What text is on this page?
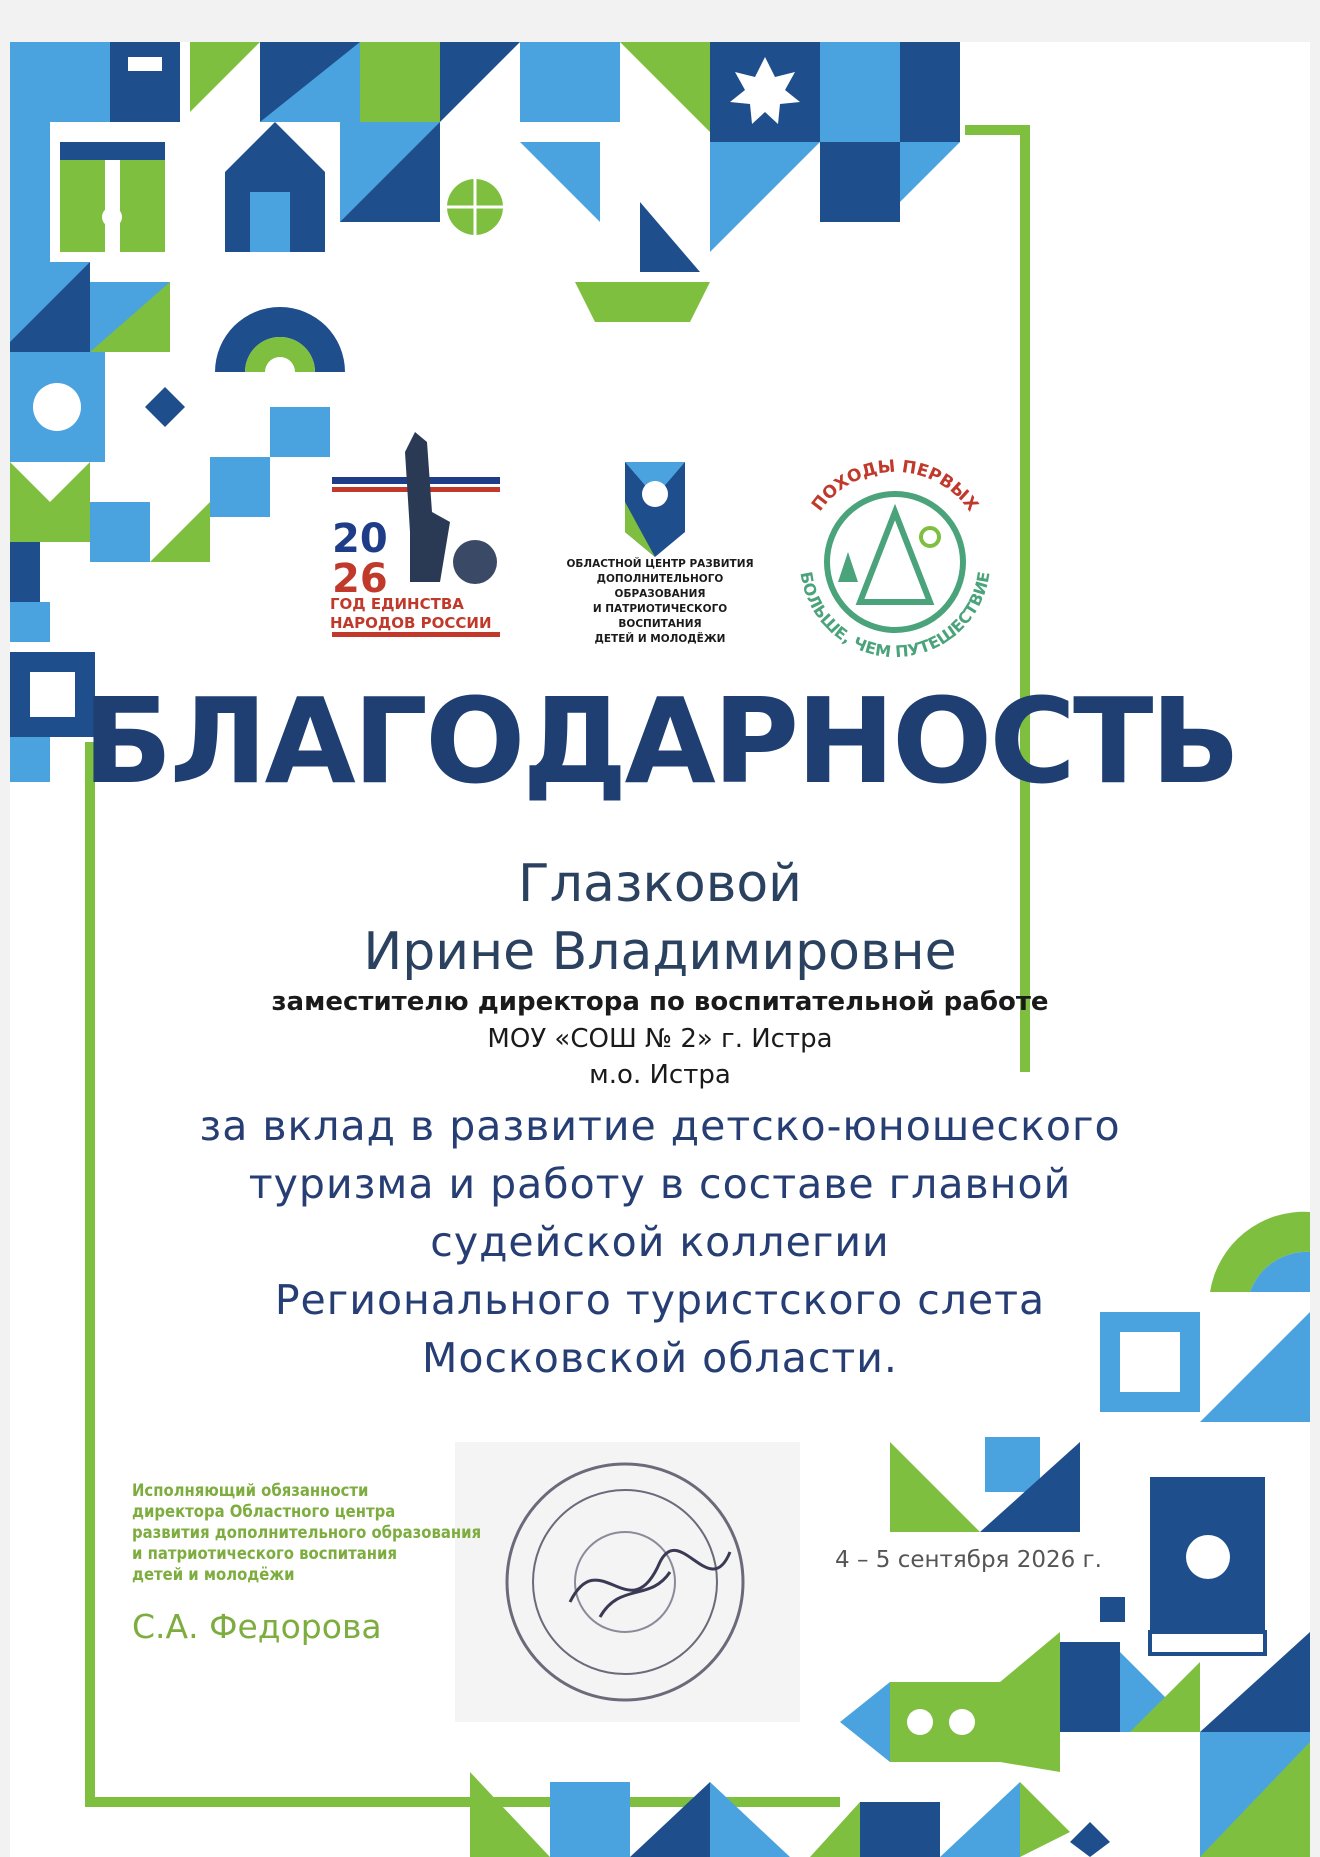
20
26
ПОХОДЫ ПЕРВЫХ
БОЛЬШЕ, ЧЕМ ПУТЕШЕСТВИЕ
ГОД ЕДИНСТВА
НАРОДОВ РОССИИ
ОБЛАСТНОЙ ЦЕНТР РАЗВИТИЯ
ДОПОЛНИТЕЛЬНОГО ОБРАЗОВАНИЯ
И ПАТРИОТИЧЕСКОГО ВОСПИТАНИЯ
ДЕТЕЙ И МОЛОДЁЖИ
БЛАГОДАРНОСТЬ
Глазковой
Ирине Владимировне
заместителю директора по воспитательной работе
МОУ «СОШ № 2» г. Истра
м.о. Истра
за вклад в развитие детско-юношеского
туризма и работу в составе главной
судейской коллегии
Регионального туристского слета
Московской области.
Исполняющий обязанности
директора Областного центра
развития дополнительного образования
и патриотического воспитания
детей и молодёжи
С.А. Федорова
4 – 5 сентября 2026 г.
